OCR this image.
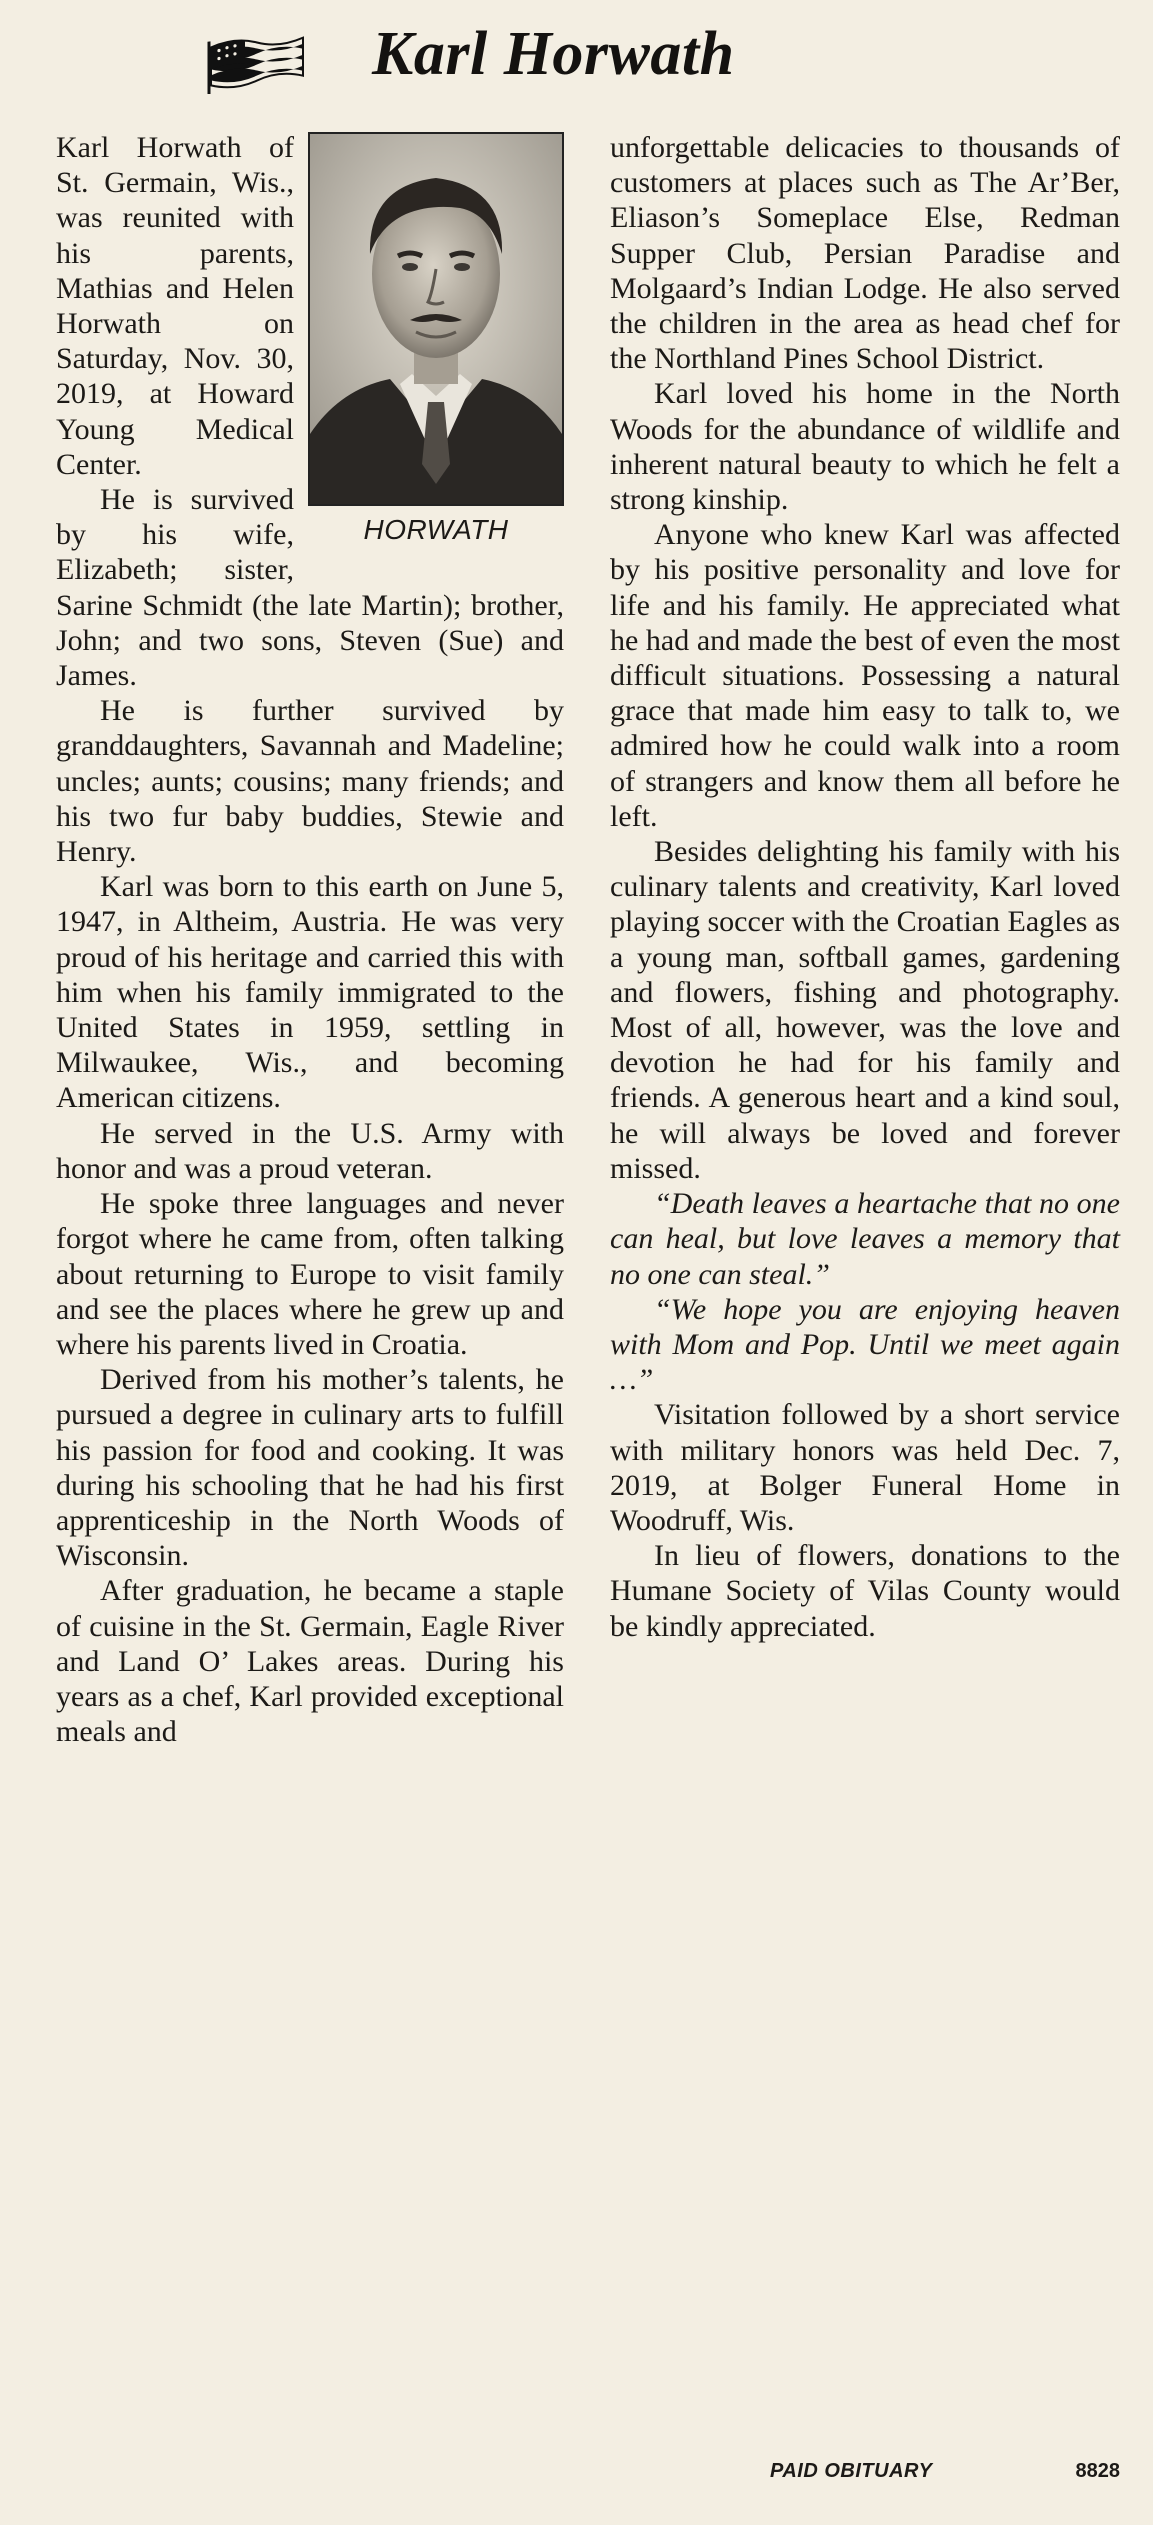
Karl Horwath
HORWATH

Karl Horwath of St. Germain, Wis., was reunited with his parents, Mathias and Helen Horwath on Saturday, Nov. 30, 2019, at Howard Young Medical Center.

He is survived by his wife, Elizabeth; sister, Sarine Schmidt (the late Martin); brother, John; and two sons, Steven (Sue) and James.

He is further survived by granddaughters, Savannah and Madeline; uncles; aunts; cousins; many friends; and his two fur baby buddies, Stewie and Henry.

Karl was born to this earth on June 5, 1947, in Altheim, Austria. He was very proud of his heritage and carried this with him when his family immigrated to the United States in 1959, settling in Milwaukee, Wis., and becoming American citizens.

He served in the U.S. Army with honor and was a proud veteran.

He spoke three languages and never forgot where he came from, often talking about returning to Europe to visit family and see the places where he grew up and where his parents lived in Croatia.

Derived from his mother’s talents, he pursued a degree in culinary arts to fulfill his passion for food and cooking. It was during his schooling that he had his first apprenticeship in the North Woods of Wisconsin.

After graduation, he became a staple of cuisine in the St. Germain, Eagle River and Land O’ Lakes areas. During his years as a chef, Karl provided exceptional meals and

unforgettable delicacies to thousands of customers at places such as The Ar’Ber, Eliason’s Someplace Else, Redman Supper Club, Persian Paradise and Molgaard’s Indian Lodge. He also served the children in the area as head chef for the Northland Pines School District.

Karl loved his home in the North Woods for the abundance of wildlife and inherent natural beauty to which he felt a strong kinship.

Anyone who knew Karl was affected by his positive personality and love for life and his family. He appreciated what he had and made the best of even the most difficult situations. Possessing a natural grace that made him easy to talk to, we admired how he could walk into a room of strangers and know them all before he left.

Besides delighting his family with his culinary talents and creativity, Karl loved playing soccer with the Croatian Eagles as a young man, softball games, gardening and flowers, fishing and photography. Most of all, however, was the love and devotion he had for his family and friends. A generous heart and a kind soul, he will always be loved and forever missed.

“Death leaves a heartache that no one can heal, but love leaves a memory that no one can steal.”

“We hope you are enjoying heaven with Mom and Pop. Until we meet again …”

Visitation followed by a short service with military honors was held Dec. 7, 2019, at Bolger Funeral Home in Woodruff, Wis.

In lieu of flowers, donations to the Humane Society of Vilas County would be kindly appreciated.

PAID OBITUARY	8828
